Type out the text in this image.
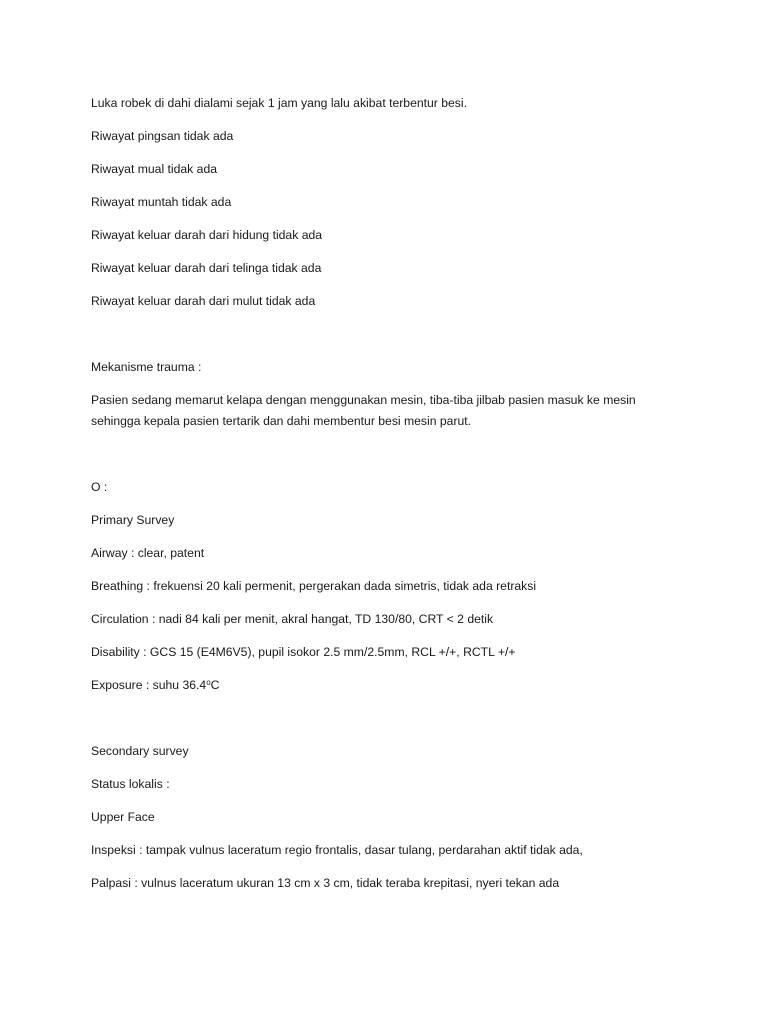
Luka robek di dahi dialami sejak 1 jam yang lalu akibat terbentur besi.

Riwayat pingsan tidak ada

Riwayat mual tidak ada

Riwayat muntah tidak ada

Riwayat keluar darah dari hidung tidak ada

Riwayat keluar darah dari telinga tidak ada

Riwayat keluar darah dari mulut tidak ada

Mekanisme trauma :

Pasien sedang memarut kelapa dengan menggunakan mesin, tiba-tiba jilbab pasien masuk ke mesin sehingga kepala pasien tertarik dan dahi membentur besi mesin parut.

O :

Primary Survey

Airway : clear, patent

Breathing : frekuensi 20 kali permenit, pergerakan dada simetris, tidak ada retraksi

Circulation : nadi 84 kali per menit, akral hangat, TD 130/80, CRT < 2 detik

Disability : GCS 15 (E4M6V5), pupil isokor 2.5 mm/2.5mm, RCL +/+, RCTL +/+

Exposure : suhu 36.4$^o$C

Secondary survey

Status lokalis :

Upper Face

Inspeksi : tampak vulnus laceratum regio frontalis, dasar tulang, perdarahan aktif tidak ada,

Palpasi : vulnus laceratum ukuran 13 cm x 3 cm, tidak teraba krepitasi, nyeri tekan ada
